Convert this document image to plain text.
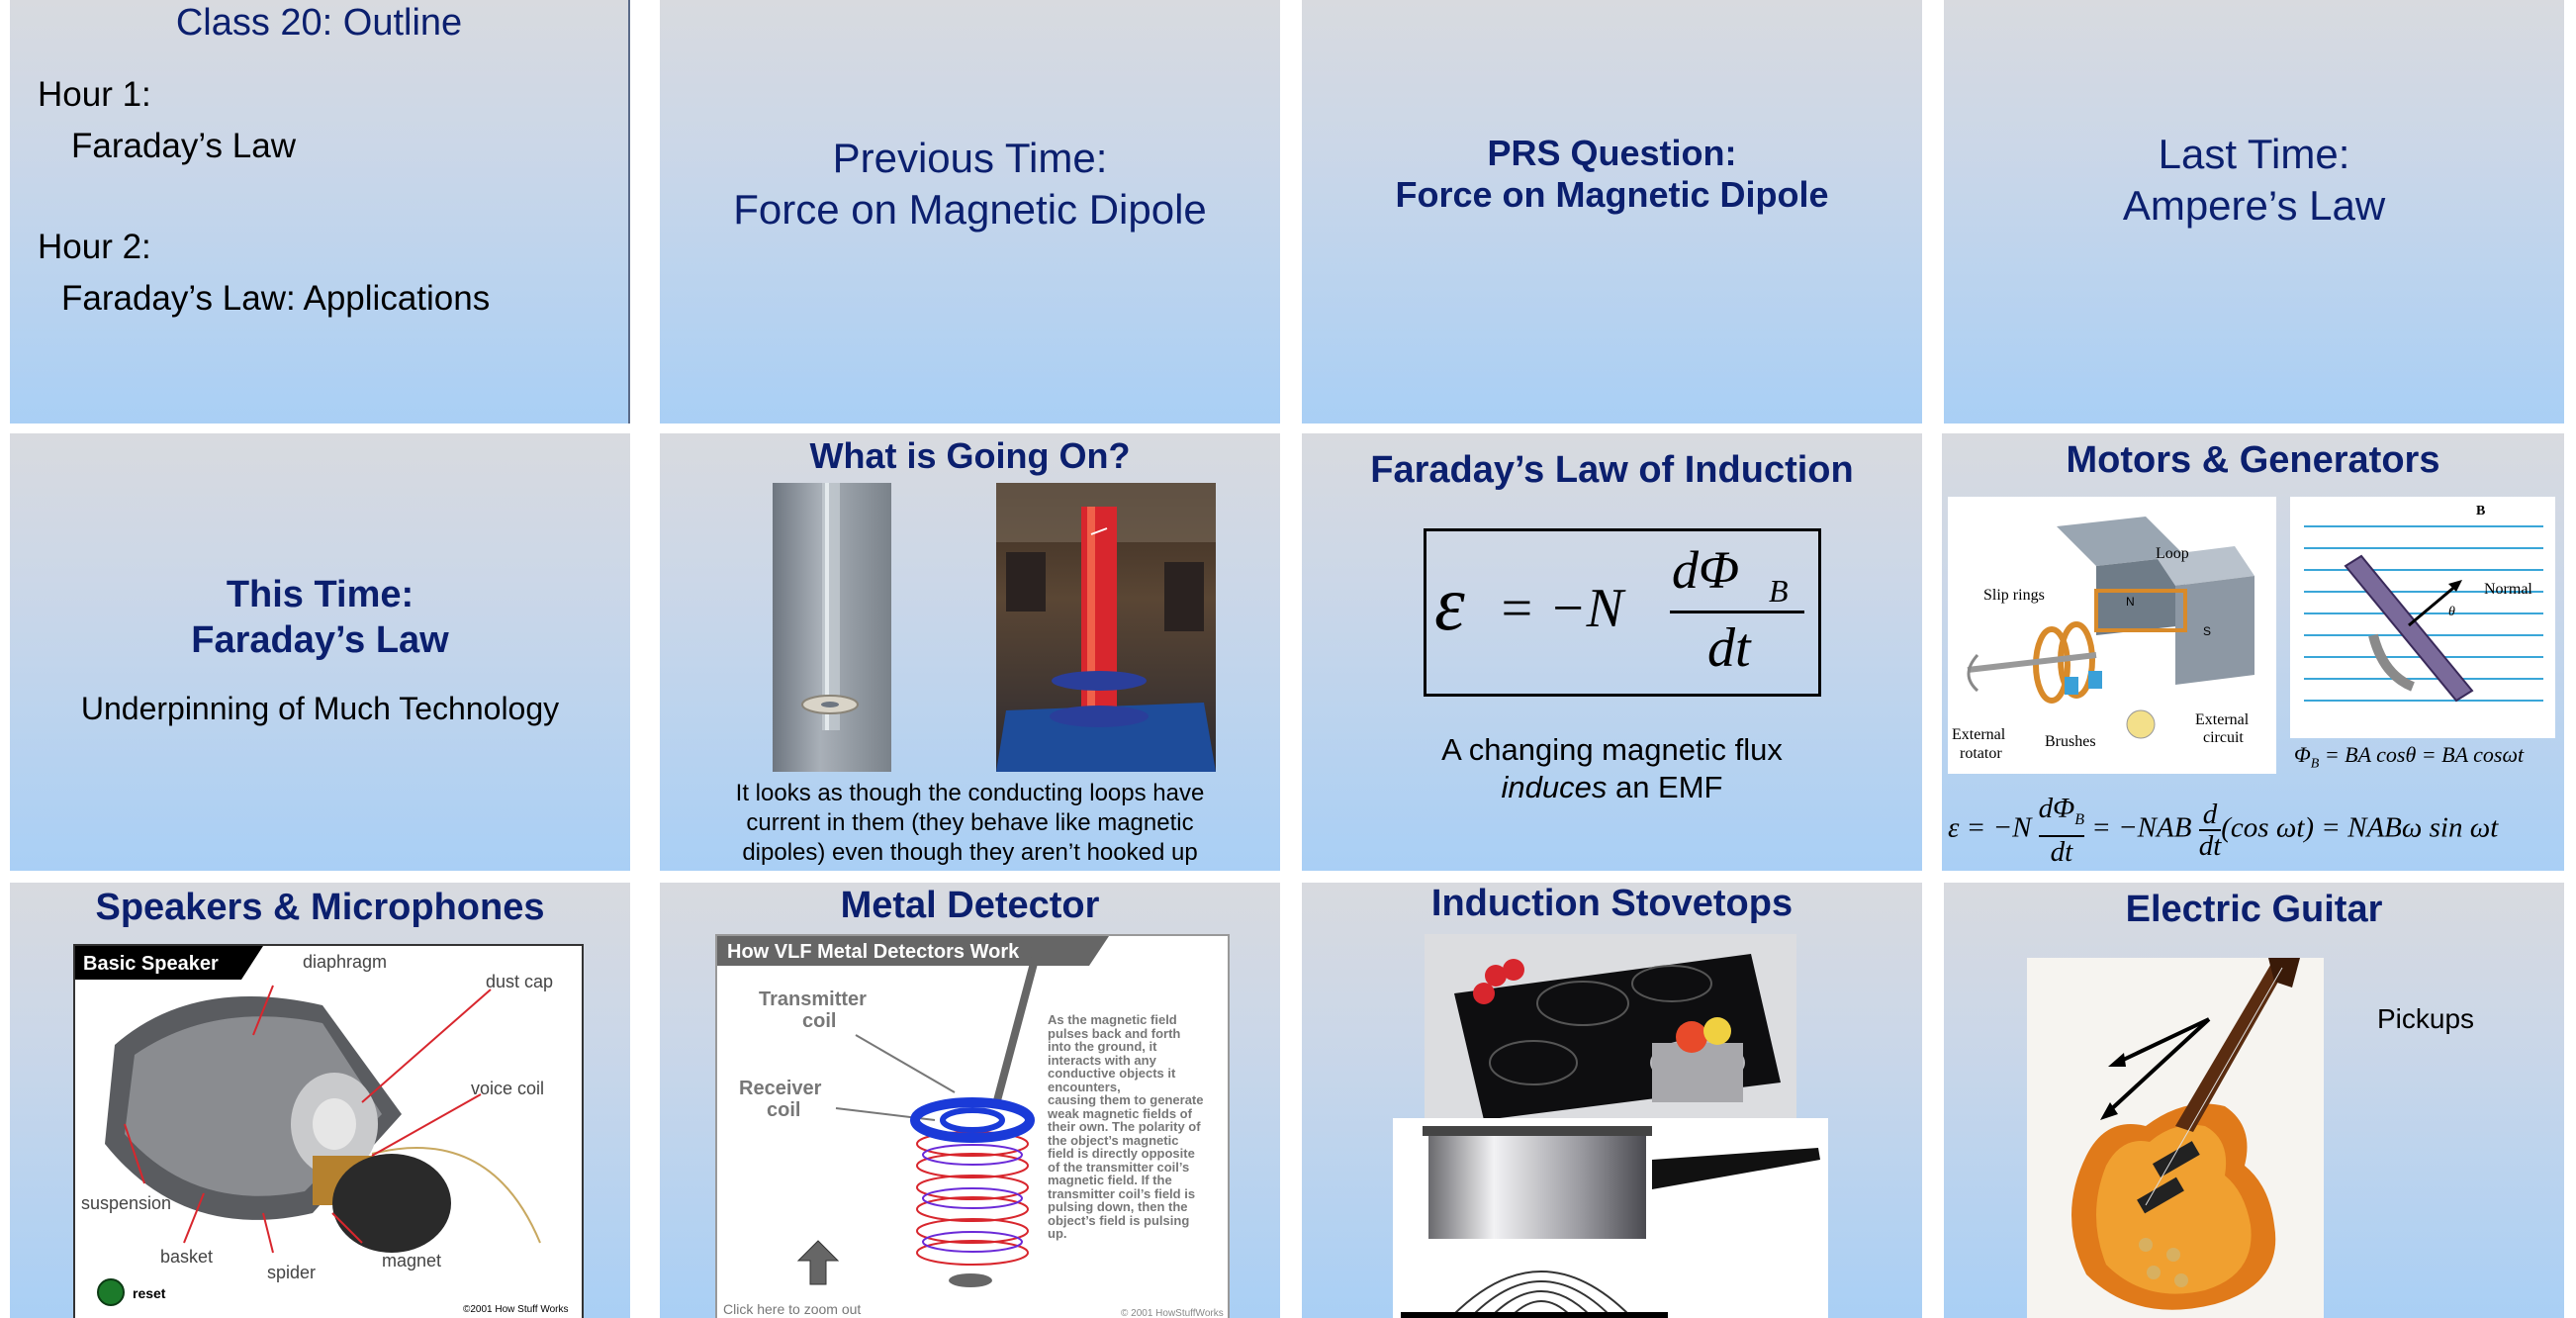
Class 20: Outline
Hour 1:
Faraday’s Law
Hour 2:
Faraday’s Law: Applications
Previous Time:
Force on Magnetic Dipole
PRS Question:
Force on Magnetic Dipole
Last Time:
Ampere’s Law
This Time:
Faraday’s Law
Underpinning of Much Technology
What is Going On?
It looks as though the conducting loops have
current in them (they behave like magnetic
dipoles) even though they aren’t hooked up
Faraday’s Law of Induction
ε = −N
dΦ B
dt
A changing magnetic flux
induces an EMF
Motors & Generators
N
S
Loop
Slip rings
External
rotator
Brushes
External
circuit
B
Normal
θ
$\Phi_B$ = BA cosθ = BA cosωt
ε = −N
$d\Phi_B$
dt
= $-NAB \frac{d}{dt} (\cos$ ωt) = NABω sin ωt
Speakers & Microphones
Basic Speaker	diaphragm
dust cap
voice coil
suspension
basket
spider
magnet
reset
©2001 How Stuff Works
Metal Detector
How VLF Metal Detectors Work
Transmitter
coil
Receiver
coil
Click here to zoom out	© 2001 HowStuffWorks
As the magnetic field
pulses back and forth
into the ground, it
interacts with any
conductive objects it
encounters,
causing them to generate
weak magnetic fields of
their own. The polarity of
the object’s magnetic
field is directly opposite
of the transmitter coil’s
magnetic field. If the
transmitter coil’s field is
pulsing down, then the
object’s field is pulsing
up.
Induction Stovetops	Electric Guitar
Pickups
